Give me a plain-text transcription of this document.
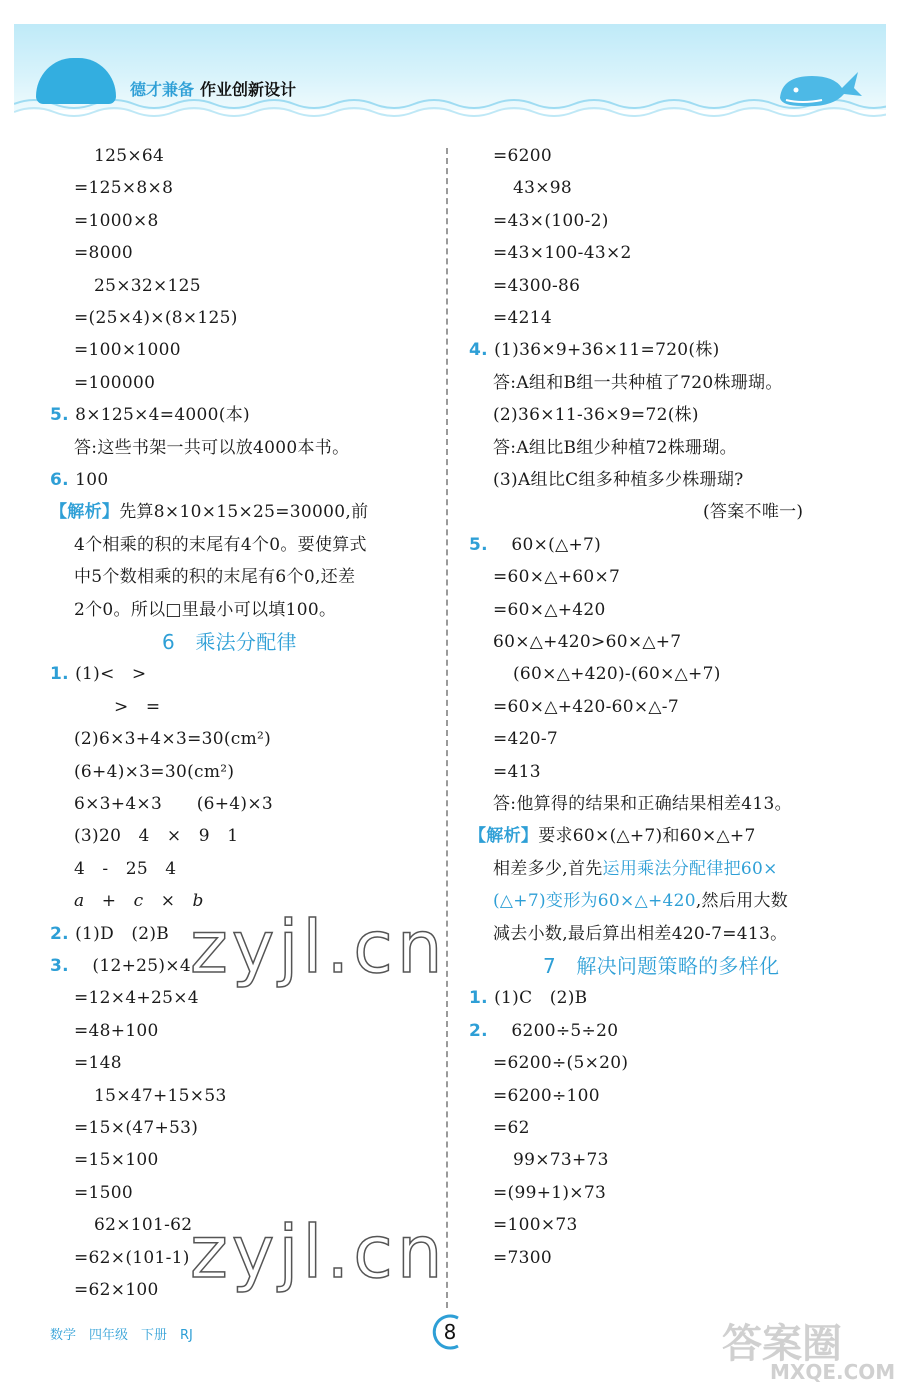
德才兼备 作业创新设计
125×64
=125×8×8
=1000×8
=8000
25×32×125
=(25×4)×(8×125)
=100×1000
=100000
5. 8×125×4=4000(本)
答:这些书架一共可以放4000本书。
6. 100
【解析】先算8×10×15×25=30000,前
4个相乘的积的末尾有4个0。要使算式
中5个数相乘的积的末尾有6个0,还差
2个0。所以□里最小可以填100。
6　乘法分配律
1. (1)<　>
>　=
(2)6×3+4×3=30(cm²)
(6+4)×3=30(cm²)
6×3+4×3　　(6+4)×3
(3)20　4　×　9　1
4　-　25　4
a　+　c　×　b
2. (1)D　(2)B
3. 　(12+25)×4
=12×4+25×4
=48+100
=148
15×47+15×53
=15×(47+53)
=15×100
=1500
62×101-62
=62×(101-1)
=62×100
=6200
43×98
=43×(100-2)
=43×100-43×2
=4300-86
=4214
4. (1)36×9+36×11=720(株)
答:A组和B组一共种植了720株珊瑚。
(2)36×11-36×9=72(株)
答:A组比B组少种植72株珊瑚。
(3)A组比C组多种植多少株珊瑚?
(答案不唯一)
5. 　60×(△+7)
=60×△+60×7
=60×△+420
60×△+420>60×△+7
(60×△+420)-(60×△+7)
=60×△+420-60×△-7
=420-7
=413
答:他算得的结果和正确结果相差413。
【解析】要求60×(△+7)和60×△+7
相差多少,首先运用乘法分配律把60×
(△+7)变形为60×△+420,然后用大数
减去小数,最后算出相差420-7=413。
7　解决问题策略的多样化
1. (1)C　(2)B
2. 　6200÷5÷20
=6200÷(5×20)
=6200÷100
=62
99×73+73
=(99+1)×73
=100×73
=7300
zyjl.cn
zyjl.cn
数学　四年级　下册　RJ	8	答案圈
MXQE.COM
